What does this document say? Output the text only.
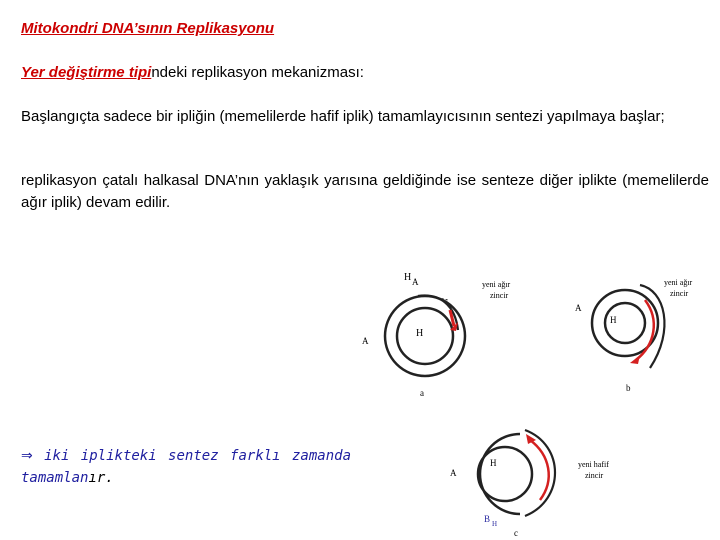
Mitokondri DNA’sının Replikasyonu
Yer değiştirme tipindeki replikasyon mekanizması:
Başlangıçta sadece bir ipliğin (memelilerde hafif iplik) tamamlayıcısının sentezi yapılmaya başlar;
replikasyon çatalı halkasal DNA’nın yaklaşık yarısına geldiğinde ise senteze diğer iplikte (memelilerde ağır iplik) devam edilir.
⇒ iki iplikteki sentez farklı zamanda tamamlanır.
H A
H
A
a
yeni ağır
zincir
A
H
b
yeni ağır
zincir
A
H
B H
c
yeni hafif
zincir
